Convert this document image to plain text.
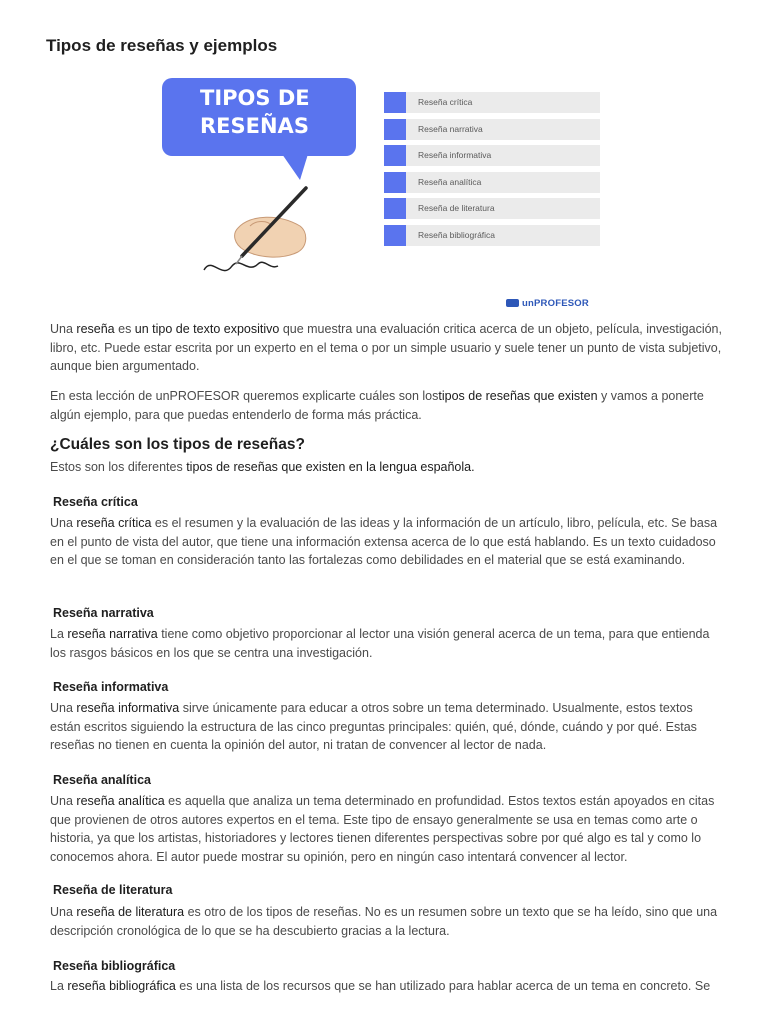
Tipos de reseñas y ejemplos
TIPOS DE
RESEÑAS
Reseña crítica
Reseña narrativa
Reseña informativa
Reseña analítica
Reseña de literatura
Reseña bibliográfica
unPROFESOR

Una reseña es un tipo de texto expositivo que muestra una evaluación critica acerca de un objeto, película, investigación, libro, etc. Puede estar escrita por un experto en el tema o por un simple usuario y suele tener un punto de vista subjetivo, aunque bien argumentado.

En esta lección de unPROFESOR queremos explicarte cuáles son lostipos de reseñas que existen y vamos a ponerte algún ejemplo, para que puedas entenderlo de forma más práctica.

¿Cuáles son los tipos de reseñas?

Estos son los diferentes tipos de reseñas que existen en la lengua española.

Reseña crítica

Una reseña crítica es el resumen y la evaluación de las ideas y la información de un artículo, libro, película, etc. Se basa en el punto de vista del autor, que tiene una información extensa acerca de lo que está hablando. Es un texto cuidadoso en el que se toman en consideración tanto las fortalezas como debilidades en el material que se está examinando.

Reseña narrativa

La reseña narrativa tiene como objetivo proporcionar al lector una visión general acerca de un tema, para que entienda los rasgos básicos en los que se centra una investigación.

Reseña informativa

Una reseña informativa sirve únicamente para educar a otros sobre un tema determinado. Usualmente, estos textos están escritos siguiendo la estructura de las cinco preguntas principales: quién, qué, dónde, cuándo y por qué. Estas reseñas no tienen en cuenta la opinión del autor, ni tratan de convencer al lector de nada.

Reseña analítica

Una reseña analítica es aquella que analiza un tema determinado en profundidad. Estos textos están apoyados en citas que provienen de otros autores expertos en el tema. Este tipo de ensayo generalmente se usa en temas como arte o historia, ya que los artistas, historiadores y lectores tienen diferentes perspectivas sobre por qué algo es tal y como lo conocemos ahora. El autor puede mostrar su opinión, pero en ningún caso intentará convencer al lector.

Reseña de literatura

Una reseña de literatura es otro de los tipos de reseñas. No es un resumen sobre un texto que se ha leído, sino que una descripción cronológica de lo que se ha descubierto gracias a la lectura.

Reseña bibliográfica

La reseña bibliográfica es una lista de los recursos que se han utilizado para hablar acerca de un tema en concreto. Se
